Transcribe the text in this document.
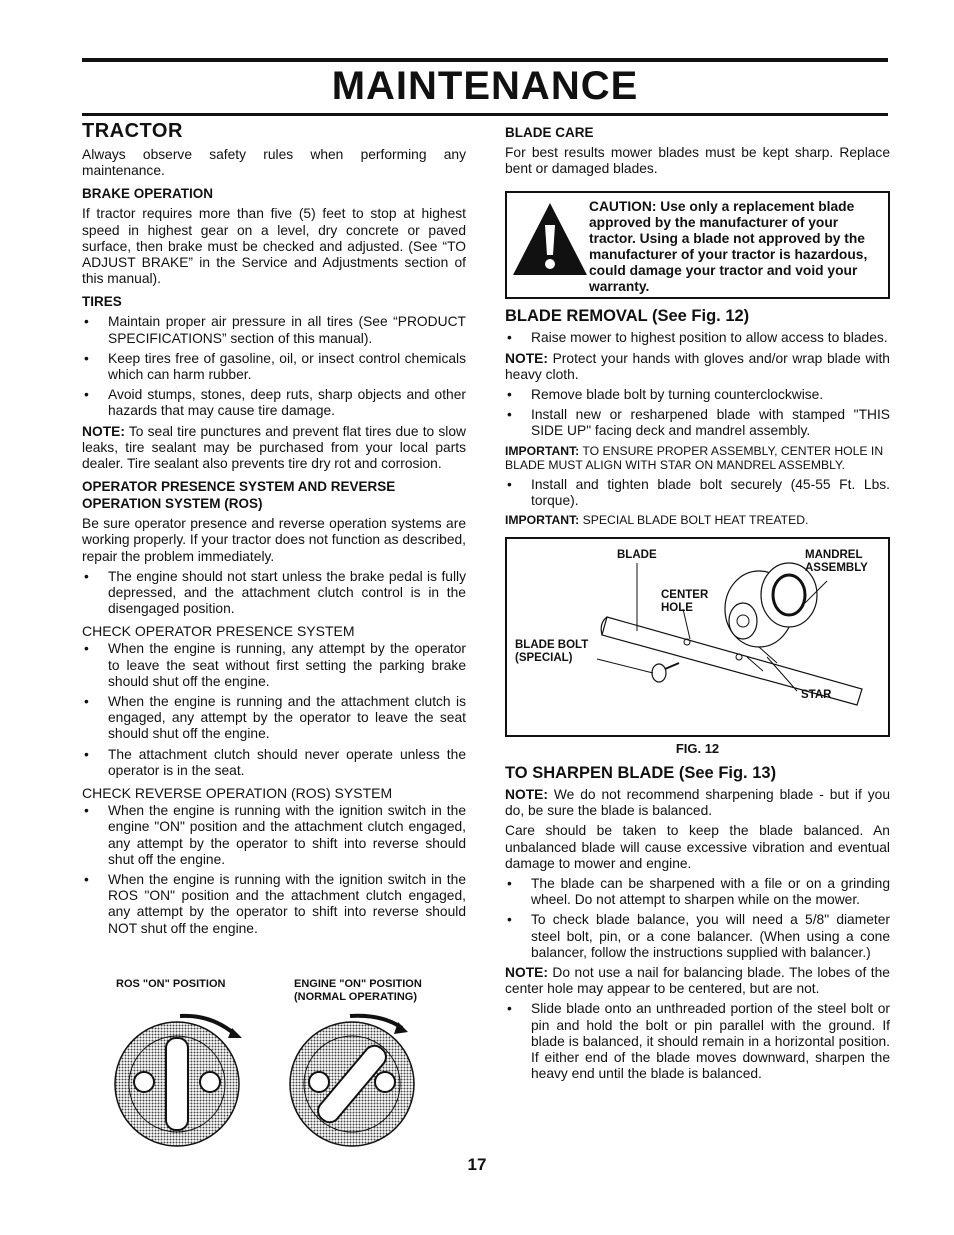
MAINTENANCE
TRACTOR

Always observe safety rules when performing any maintenance.

BRAKE OPERATION

If tractor requires more than five (5) feet to stop at highest speed in highest gear on a level, dry concrete or paved surface, then brake must be checked and adjusted. (See “TO ADJUST BRAKE” in the Service and Adjustments section of this manual).

TIRES
• Maintain proper air pressure in all tires (See “PRODUCT SPECIFICATIONS” section of this manual).
• Keep tires free of gasoline, oil, or insect control chemicals which can harm rubber.
• Avoid stumps, stones, deep ruts, sharp objects and other hazards that may cause tire damage.

NOTE: To seal tire punctures and prevent flat tires due to slow leaks, tire sealant may be purchased from your local parts dealer. Tire sealant also prevents tire dry rot and corrosion.

OPERATOR PRESENCE SYSTEM AND REVERSE OPERATION SYSTEM (ROS)

Be sure operator presence and reverse operation systems are working properly. If your tractor does not function as described, repair the problem immediately.

• The engine should not start unless the brake pedal is fully depressed, and the attachment clutch control is in the disengaged position.
CHECK OPERATOR PRESENCE SYSTEM
• When the engine is running, any attempt by the operator to leave the seat without first setting the parking brake should shut off the engine.
• When the engine is running and the attachment clutch is engaged, any attempt by the operator to leave the seat should shut off the engine.
• The attachment clutch should never operate unless the operator is in the seat.
CHECK REVERSE OPERATION (ROS) SYSTEM
• When the engine is running with the ignition switch in the engine "ON" position and the attachment clutch engaged, any attempt by the operator to shift into reverse should shut off the engine.
• When the engine is running with the ignition switch in the ROS "ON" position and the attachment clutch engaged, any attempt by the operator to shift into reverse should NOT shut off the engine.
ROS "ON" POSITION	ENGINE "ON" POSITION
(NORMAL OPERATING)
BLADE CARE

For best results mower blades must be kept sharp. Replace bent or damaged blades.

CAUTION: Use only a replacement blade approved by the manufacturer of your tractor. Using a blade not approved by the manufacturer of your tractor is hazardous, could damage your tractor and void your warranty.
BLADE REMOVAL (See Fig. 12)
• Raise mower to highest position to allow access to blades.

NOTE: Protect your hands with gloves and/or wrap blade with heavy cloth.

• Remove blade bolt by turning counterclockwise.
• Install new or resharpened blade with stamped "THIS SIDE UP" facing deck and mandrel assembly.

IMPORTANT: TO ENSURE PROPER ASSEMBLY, CENTER HOLE IN BLADE MUST ALIGN WITH STAR ON MANDREL ASSEMBLY.

• Install and tighten blade bolt securely (45-55 Ft. Lbs. torque).

IMPORTANT: SPECIAL BLADE BOLT HEAT TREATED.

BLADE	MANDREL
ASSEMBLY
CENTER
HOLE
BLADE BOLT
(SPECIAL)
STAR
FIG. 12
TO SHARPEN BLADE (See Fig. 13)

NOTE: We do not recommend sharpening blade - but if you do, be sure the blade is balanced.

Care should be taken to keep the blade balanced. An unbalanced blade will cause excessive vibration and eventual damage to mower and engine.

• The blade can be sharpened with a file or on a grinding wheel. Do not attempt to sharpen while on the mower.
• To check blade balance, you will need a 5/8" diameter steel bolt, pin, or a cone balancer. (When using a cone balancer, follow the instructions supplied with balancer.)

NOTE: Do not use a nail for balancing blade. The lobes of the center hole may appear to be centered, but are not.

• Slide blade onto an unthreaded portion of the steel bolt or pin and hold the bolt or pin parallel with the ground. If blade is balanced, it should remain in a horizontal position. If either end of the blade moves downward, sharpen the heavy end until the blade is balanced.
17
